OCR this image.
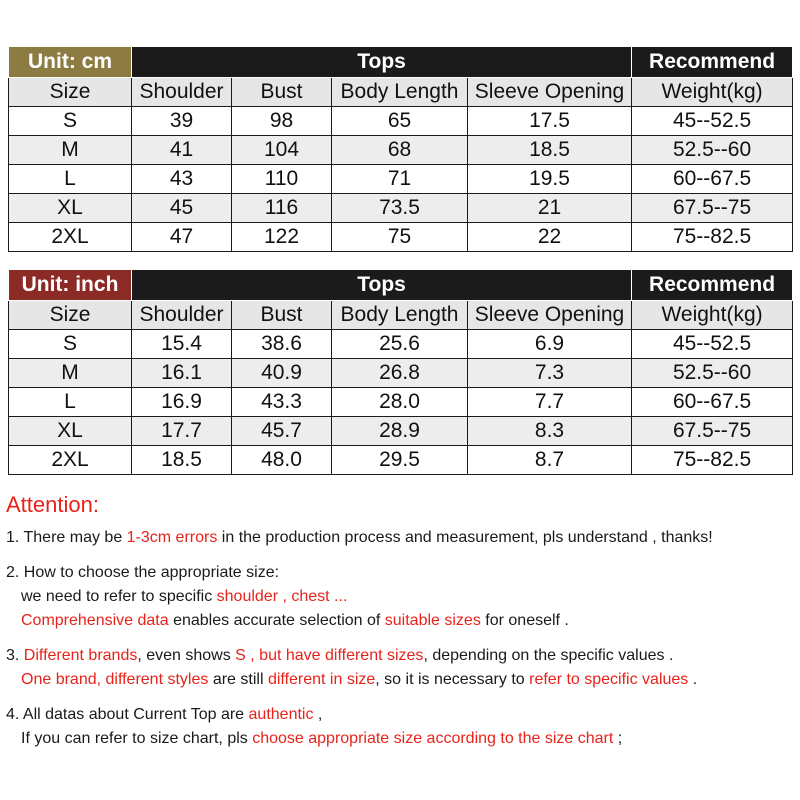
Unit: cm	Tops				Recommend
Size	Shoulder	Bust	Body Length	Sleeve Opening	Weight(kg)
S	39	98	65	17.5	45--52.5
M	41	104	68	18.5	52.5--60
L	43	110	71	19.5	60--67.5
XL	45	116	73.5	21	67.5--75
2XL	47	122	75	22	75--82.5
Unit: inch	Tops				Recommend
Size	Shoulder	Bust	Body Length	Sleeve Opening	Weight(kg)
S	15.4	38.6	25.6	6.9	45--52.5
M	16.1	40.9	26.8	7.3	52.5--60
L	16.9	43.3	28.0	7.7	60--67.5
XL	17.7	45.7	28.9	8.3	67.5--75
2XL	18.5	48.0	29.5	8.7	75--82.5
Attention:
1. There may be 1-3cm errors in the production process and measurement, pls understand , thanks!
2. How to choose the appropriate size:
we need to refer to specific shoulder , chest ...
Comprehensive data enables accurate selection of suitable sizes for oneself .
3. Different brands, even shows S , but have different sizes, depending on the specific values .
One brand, different styles are still different in size, so it is necessary to refer to specific values .
4. All datas about Current Top are authentic ,
If you can refer to size chart, pls choose appropriate size according to the size chart ;
